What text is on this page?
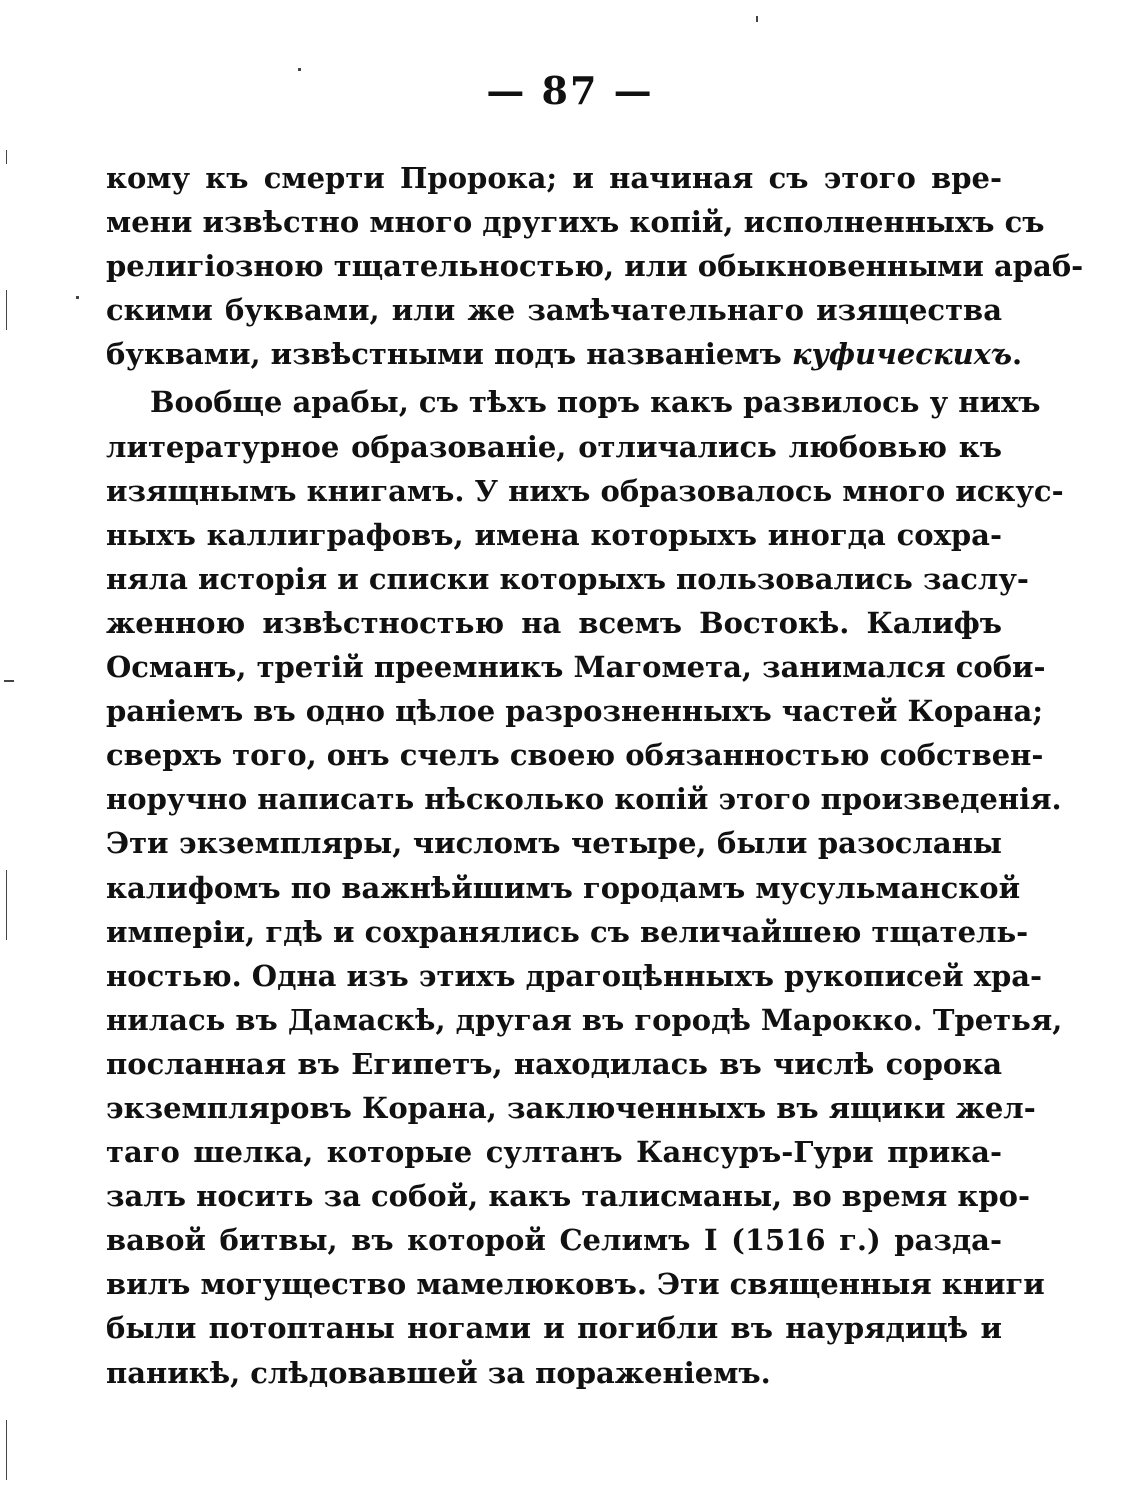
— 87 —
кому къ смерти Пророка; и начиная съ этого вре-
мени извѣстно много другихъ копій, исполненныхъ съ
религіозною тщательностью, или обыкновенными араб-
скими буквами, или же замѣчательнаго изящества
буквами, извѣстными подъ названіемъ куфическихъ.
Вообще арабы, съ тѣхъ поръ какъ развилось у нихъ
литературное образованіе, отличались любовью къ
изящнымъ книгамъ. У нихъ образовалось много искус-
ныхъ каллиграфовъ, имена которыхъ иногда сохра-
няла исторія и списки которыхъ пользовались заслу-
женною извѣстностью на всемъ Востокѣ. Калифъ
Османъ, третій преемникъ Магомета, занимался соби-
раніемъ въ одно цѣлое разрозненныхъ частей Корана;
сверхъ того, онъ счелъ своею обязанностью собствен-
норучно написать нѣсколько копій этого произведенія.
Эти экземпляры, числомъ четыре, были разосланы
калифомъ по важнѣйшимъ городамъ мусульманской
имперіи, гдѣ и сохранялись съ величайшею тщатель-
ностью. Одна изъ этихъ драгоцѣнныхъ рукописей хра-
нилась въ Дамаскѣ, другая въ городѣ Марокко. Третья,
посланная въ Египетъ, находилась въ числѣ сорока
экземпляровъ Корана, заключенныхъ въ ящики жел-
таго шелка, которые султанъ Кансуръ-Гури прика-
залъ носить за собой, какъ талисманы, во время кро-
вавой битвы, въ которой Селимъ I (1516 г.) разда-
вилъ могущество мамелюковъ. Эти священныя книги
были потоптаны ногами и погибли въ наурядицѣ и
паникѣ, слѣдовавшей за пораженіемъ.
